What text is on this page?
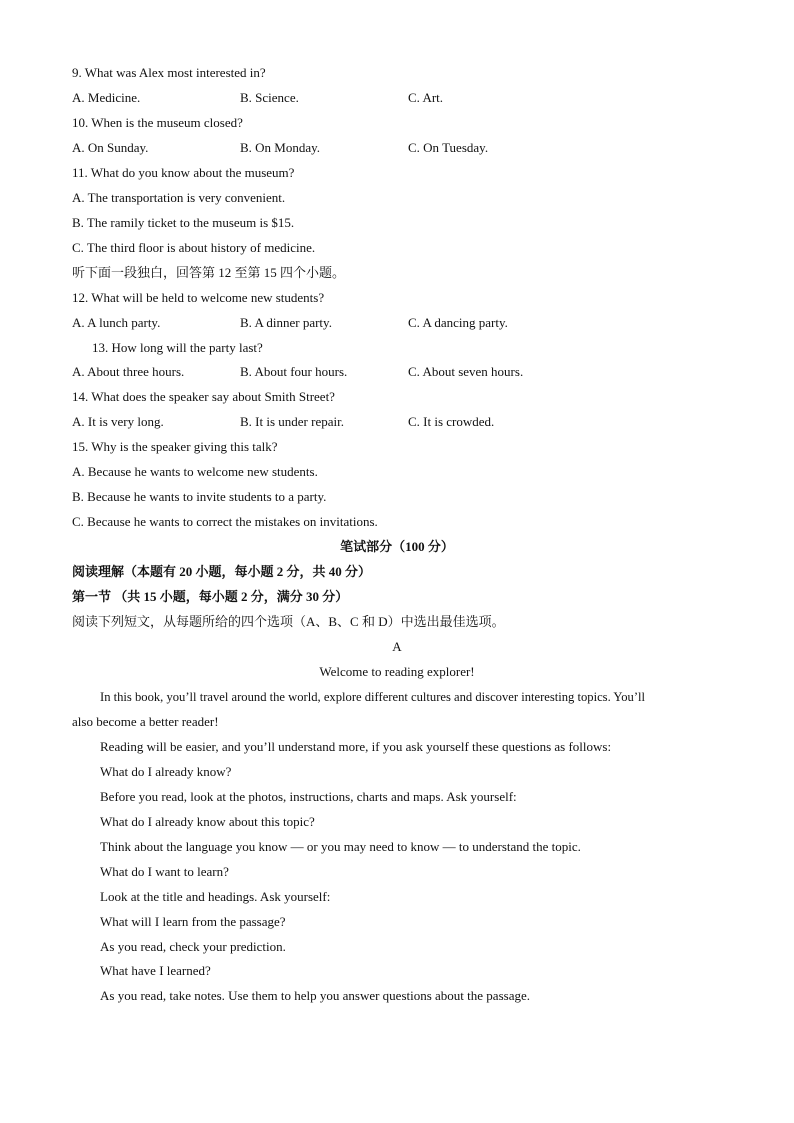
9. What was Alex most interested in?
A. Medicine.	B. Science.	C. Art.
10. When is the museum closed?
A. On Sunday.	B. On Monday.	C. On Tuesday.
11. What do you know about the museum?
A. The transportation is very convenient.
B. The ramily ticket to the museum is $15.
C. The third floor is about history of medicine.
听下面一段独白，回答第 12 至第 15 四个小题。
12. What will be held to welcome new students?
A. A lunch party.	B. A dinner party.	C. A dancing party.
13. How long will the party last?
A. About three hours.	B. About four hours.	C. About seven hours.
14. What does the speaker say about Smith Street?
A. It is very long.	B. It is under repair.	C. It is crowded.
15. Why is the speaker giving this talk?
A. Because he wants to welcome new students.
B. Because he wants to invite students to a party.
C. Because he wants to correct the mistakes on invitations.
笔试部分（100 分）
阅读理解（本题有 20 小题，每小题 2 分，共 40 分）
第一节 （共 15 小题，每小题 2 分，满分 30 分）
阅读下列短文，从每题所给的四个选项（A、B、C 和 D）中选出最佳选项。
A
Welcome to reading explorer!
In this book, you’ll travel around the world, explore different cultures and discover interesting topics. You’ll
also become a better reader!
Reading will be easier, and you’ll understand more, if you ask yourself these questions as follows:
What do I already know?
Before you read, look at the photos, instructions, charts and maps. Ask yourself:
What do I already know about this topic?
Think about the language you know — or you may need to know — to understand the topic.
What do I want to learn?
Look at the title and headings. Ask yourself:
What will I learn from the passage?
As you read, check your prediction.
What have I learned?
As you read, take notes. Use them to help you answer questions about the passage.
